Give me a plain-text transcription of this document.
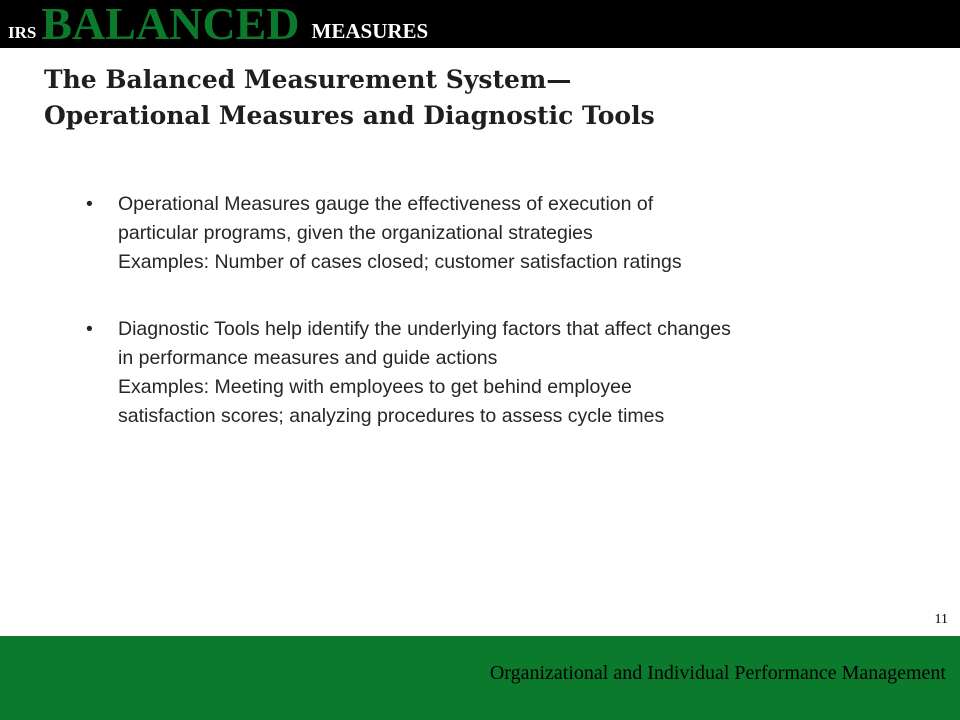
IRS BALANCED MEASURES
The Balanced Measurement System—
Operational Measures and Diagnostic Tools
• Operational Measures gauge the effectiveness of execution of
particular programs, given the organizational strategies
Examples: Number of cases closed; customer satisfaction ratings
• Diagnostic Tools help identify the underlying factors that affect changes
in performance measures and guide actions
Examples: Meeting with employees to get behind employee
satisfaction scores; analyzing procedures to assess cycle times
11
Organizational and Individual Performance Management
